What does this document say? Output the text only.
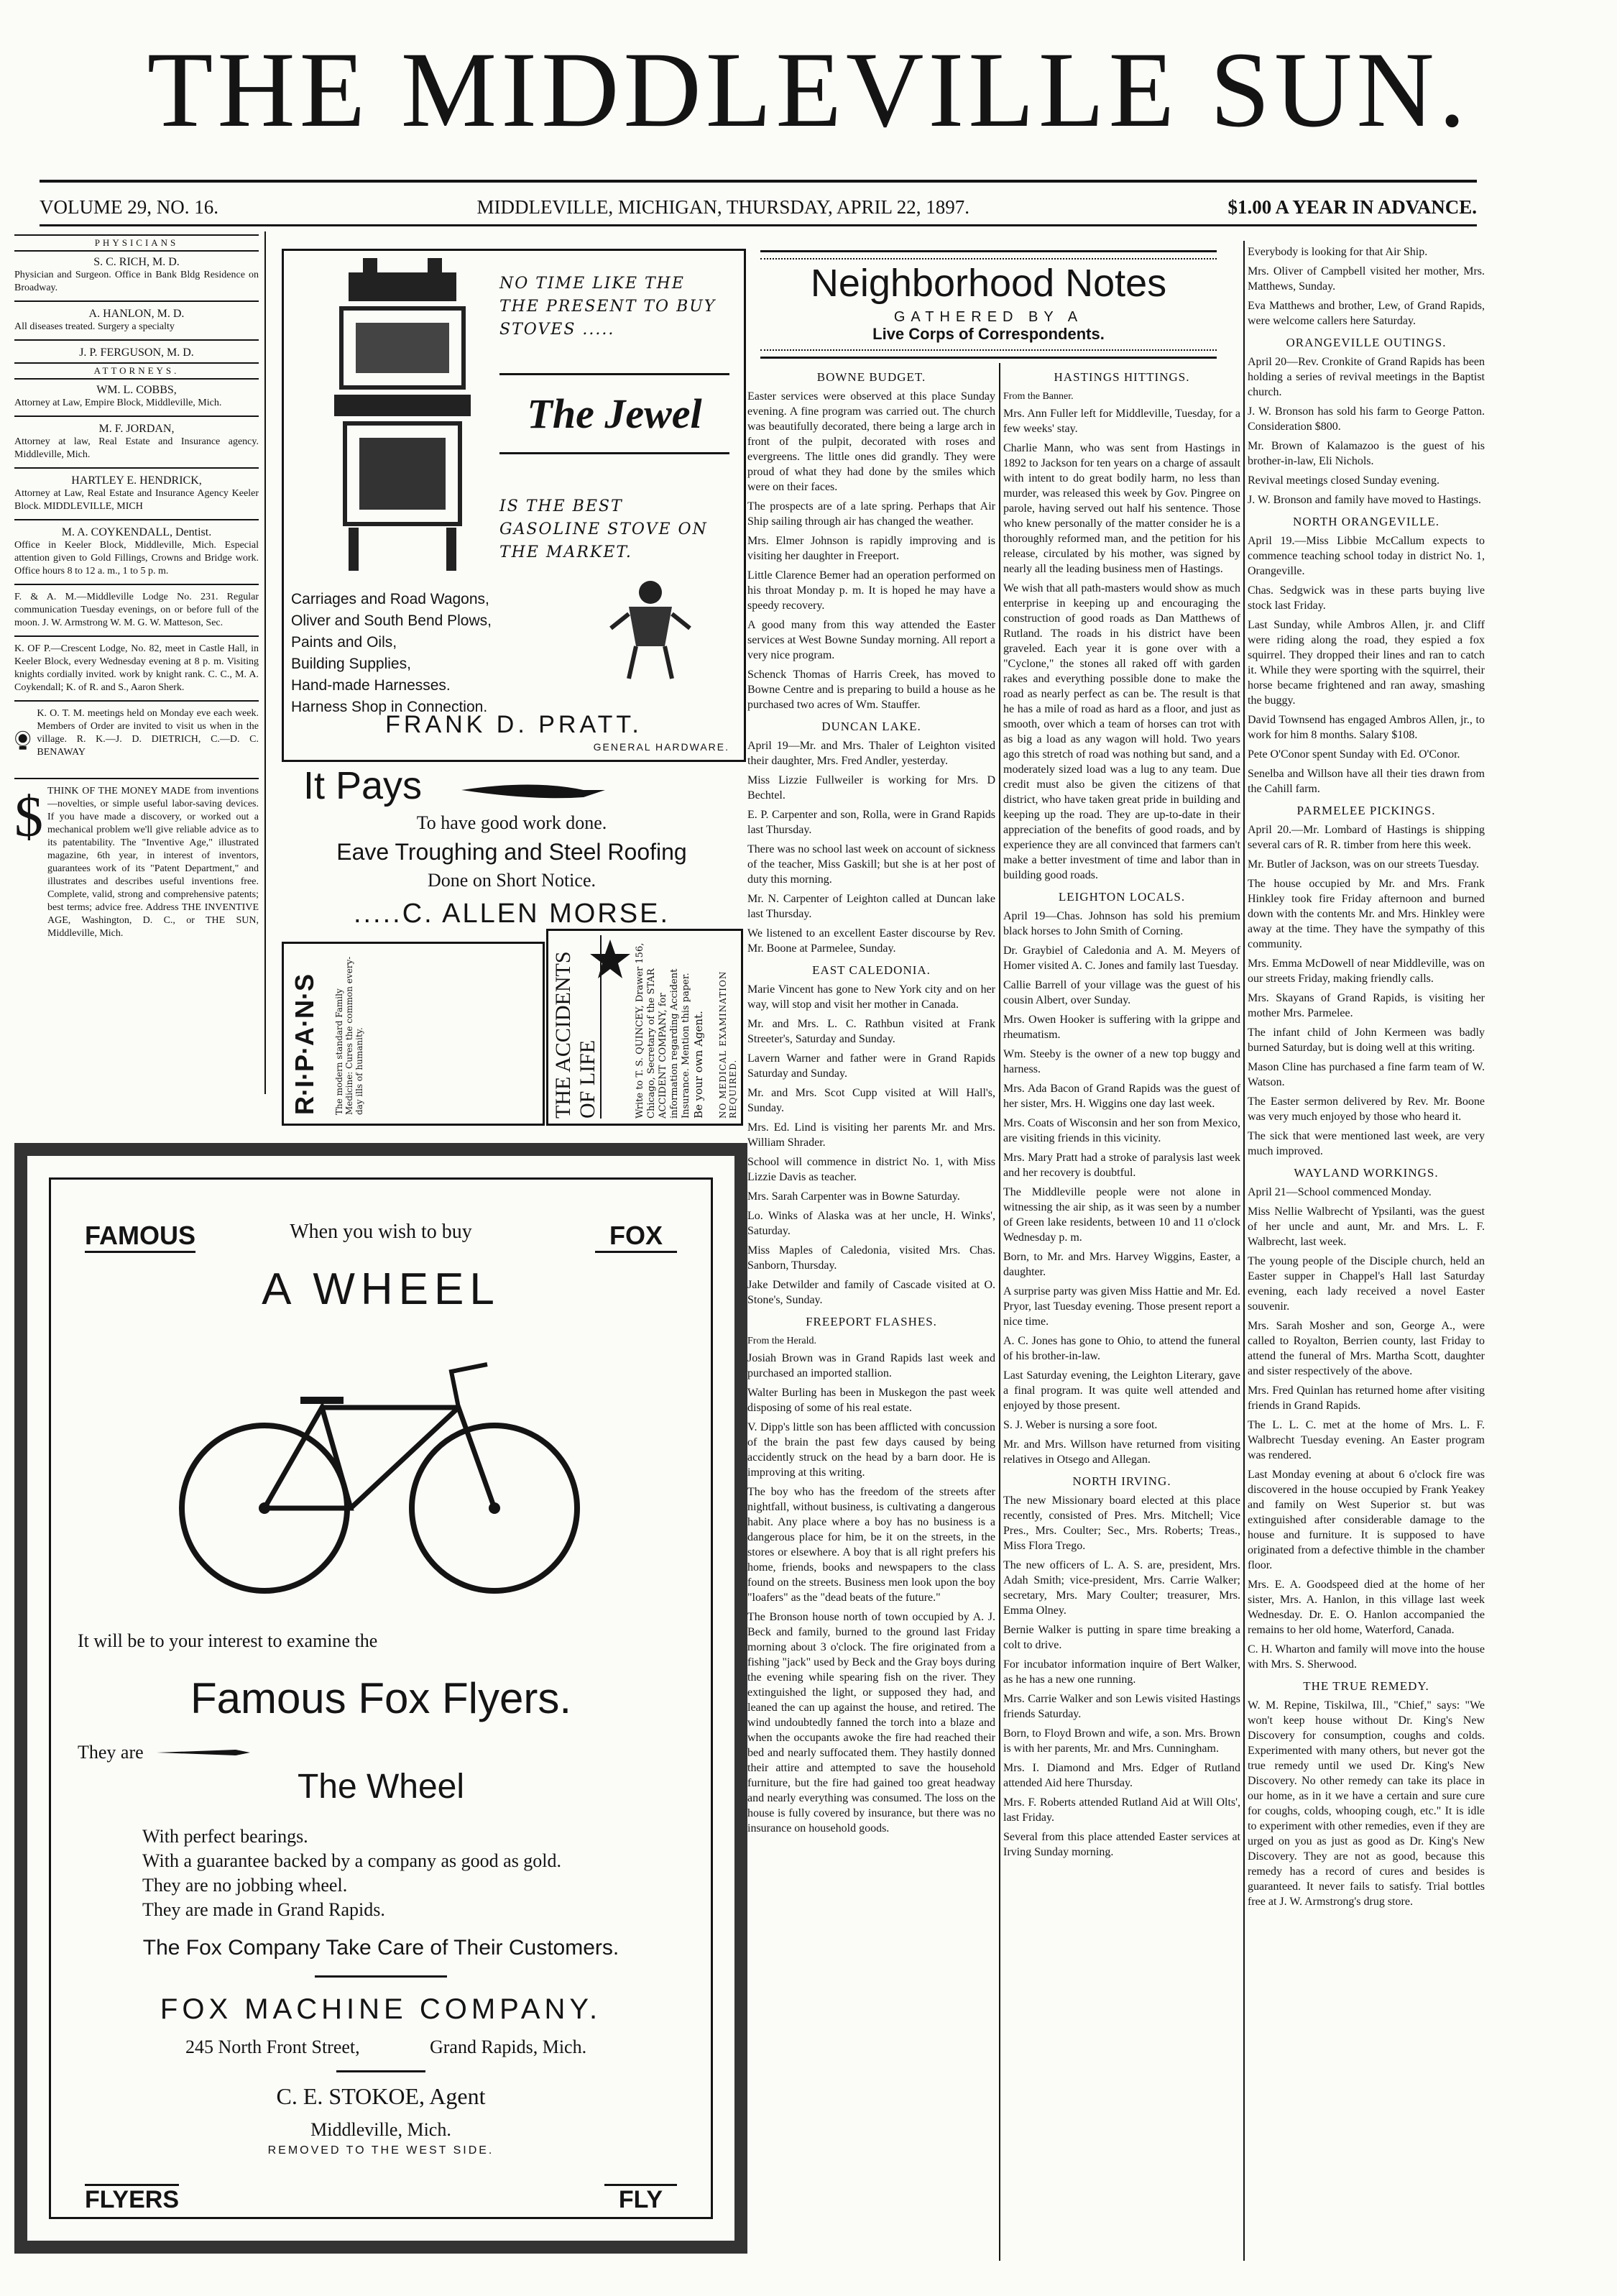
THE MIDDLEVILLE SUN.
VOLUME 29, NO. 16.	MIDDLEVILLE, MICHIGAN, THURSDAY, APRIL 22, 1897.	$1.00 A YEAR IN ADVANCE.
PHYSICIANS

S. C. RICH, M. D.

Physician and Surgeon. Office in Bank Bldg Residence on Broadway.

A. HANLON, M. D.

All diseases treated. Surgery a specialty

J. P. FERGUSON, M. D.

ATTORNEYS.

WM. L. COBBS,

Attorney at Law, Empire Block, Middleville, Mich.

M. F. JORDAN,

Attorney at law, Real Estate and Insurance agency. Middleville, Mich.

HARTLEY E. HENDRICK,

Attorney at Law, Real Estate and Insurance Agency Keeler Block. MIDDLEVILLE, MICH

M. A. COYKENDALL, Dentist.

Office in Keeler Block, Middleville, Mich. Especial attention given to Gold Fillings, Crowns and Bridge work. Office hours 8 to 12 a. m., 1 to 5 p. m.

F. & A. M.—Middleville Lodge No. 231. Regular communication Tuesday evenings, on or before full of the moon. J. W. Armstrong W. M. G. W. Matteson, Sec.

K. OF P.—Crescent Lodge, No. 82, meet in Castle Hall, in Keeler Block, every Wednesday evening at 8 p. m. Visiting knights cordially invited. work by knight rank. C. C., M. A. Coykendall; K. of R. and S., Aaron Sherk.

K. O. T. M. meetings held on Monday eve each week. Members of Order are invited to visit us when in the village. R. K.—J. D. DIETRICH, C.—D. C. BENAWAY

$ THINK OF THE MONEY MADE from inventions—novelties, or simple useful labor-saving devices. If you have made a discovery, or worked out a mechanical problem we'll give reliable advice as to its patentability. The "Inventive Age," illustrated magazine, 6th year, in interest of inventors, guarantees work of its "Patent Department," and illustrates and describes useful inventions free. Complete, valid, strong and comprehensive patents; best terms; advice free. Address THE INVENTIVE AGE, Washington, D. C., or THE SUN, Middleville, Mich.

NO TIME LIKE THE THE PRESENT TO BUY STOVES .....
The Jewel
IS THE BEST GASOLINE STOVE ON THE MARKET.
Carriages and Road Wagons,
Oliver and South Bend Plows,
Paints and Oils,
Building Supplies,
Hand-made Harnesses.
Harness Shop in Connection.
FRANK D. PRATT.
GENERAL HARDWARE.
It Pays
To have good work done.
Eave Troughing and Steel Roofing
Done on Short Notice.
.....C. ALLEN MORSE.
R·I·P·A·N·S The modern standard Family Medicine: Cures the common every-day ills of humanity.	THE ACCIDENTS OF LIFE	Write to T. S. QUINCEY, Drawer 156, Chicago, Secretary of the STAR ACCIDENT COMPANY, for information regarding Accident Insurance. Mention this paper. Be your own Agent. NO MEDICAL EXAMINATION REQUIRED.
FAMOUS	FOX
When you wish to buy
A WHEEL
It will be to your interest to examine the
Famous Fox Flyers.
They are
The Wheel
With perfect bearings.
With a guarantee backed by a company as good as gold.
They are no jobbing wheel.
They are made in Grand Rapids.
The Fox Company Take Care of Their Customers.
FOX MACHINE COMPANY.
245 North Front Street,	Grand Rapids, Mich.
C. E. STOKOE, Agent
Middleville, Mich.
REMOVED TO THE WEST SIDE.
FLYERS	FLY
Neighborhood Notes
GATHERED BY A
Live Corps of Correspondents.
BOWNE BUDGET.

Easter services were observed at this place Sunday evening. A fine program was carried out. The church was beautifully decorated, there being a large arch in front of the pulpit, decorated with roses and evergreens. The little ones did grandly. They were proud of what they had done by the smiles which were on their faces.

The prospects are of a late spring. Perhaps that Air Ship sailing through air has changed the weather.

Mrs. Elmer Johnson is rapidly improving and is visiting her daughter in Freeport.

Little Clarence Bemer had an operation performed on his throat Monday p. m. It is hoped he may have a speedy recovery.

A good many from this way attended the Easter services at West Bowne Sunday morning. All report a very nice program.

Schenck Thomas of Harris Creek, has moved to Bowne Centre and is preparing to build a house as he purchased two acres of Wm. Stauffer.

DUNCAN LAKE.

April 19—Mr. and Mrs. Thaler of Leighton visited their daughter, Mrs. Fred Andler, yesterday.

Miss Lizzie Fullweiler is working for Mrs. D Bechtel.

E. P. Carpenter and son, Rolla, were in Grand Rapids last Thursday.

There was no school last week on account of sickness of the teacher, Miss Gaskill; but she is at her post of duty this morning.

Mr. N. Carpenter of Leighton called at Duncan lake last Thursday.

We listened to an excellent Easter discourse by Rev. Mr. Boone at Parmelee, Sunday.

EAST CALEDONIA.

Marie Vincent has gone to New York city and on her way, will stop and visit her mother in Canada.

Mr. and Mrs. L. C. Rathbun visited at Frank Streeter's, Saturday and Sunday.

Lavern Warner and father were in Grand Rapids Saturday and Sunday.

Mr. and Mrs. Scot Cupp visited at Will Hall's, Sunday.

Mrs. Ed. Lind is visiting her parents Mr. and Mrs. William Shrader.

School will commence in district No. 1, with Miss Lizzie Davis as teacher.

Mrs. Sarah Carpenter was in Bowne Saturday.

Lo. Winks of Alaska was at her uncle, H. Winks', Saturday.

Miss Maples of Caledonia, visited Mrs. Chas. Sanborn, Thursday.

Jake Detwilder and family of Cascade visited at O. Stone's, Sunday.

FREEPORT FLASHES.

From the Herald.

Josiah Brown was in Grand Rapids last week and purchased an imported stallion.

Walter Burling has been in Muskegon the past week disposing of some of his real estate.

V. Dipp's little son has been afflicted with concussion of the brain the past few days caused by being accidently struck on the head by a barn door. He is improving at this writing.

The boy who has the freedom of the streets after nightfall, without business, is cultivating a dangerous habit. Any place where a boy has no business is a dangerous place for him, be it on the streets, in the stores or elsewhere. A boy that is all right prefers his home, friends, books and newspapers to the class found on the streets. Business men look upon the boy "loafers" as the "dead beats of the future."

The Bronson house north of town occupied by A. J. Beck and family, burned to the ground last Friday morning about 3 o'clock. The fire originated from a fishing "jack" used by Beck and the Gray boys during the evening while spearing fish on the river. They extinguished the light, or supposed they had, and leaned the can up against the house, and retired. The wind undoubtedly fanned the torch into a blaze and when the occupants awoke the fire had reached their bed and nearly suffocated them. They hastily donned their attire and attempted to save the household furniture, but the fire had gained too great headway and nearly everything was consumed. The loss on the house is fully covered by insurance, but there was no insurance on household goods.

HASTINGS HITTINGS.

From the Banner.

Mrs. Ann Fuller left for Middleville, Tuesday, for a few weeks' stay.

Charlie Mann, who was sent from Hastings in 1892 to Jackson for ten years on a charge of assault with intent to do great bodily harm, no less than murder, was released this week by Gov. Pingree on parole, having served out half his sentence. Those who knew personally of the matter consider he is a thoroughly reformed man, and the petition for his release, circulated by his mother, was signed by nearly all the leading business men of Hastings.

We wish that all path-masters would show as much enterprise in keeping up and encouraging the construction of good roads as Dan Matthews of Rutland. The roads in his district have been graveled. Each year it is gone over with a "Cyclone," the stones all raked off with garden rakes and everything possible done to make the road as nearly perfect as can be. The result is that he has a mile of road as hard as a floor, and just as smooth, over which a team of horses can trot with as big a load as any wagon will hold. Two years ago this stretch of road was nothing but sand, and a moderately sized load was a lug to any team. Due credit must also be given the citizens of that district, who have taken great pride in building and keeping up the road. They are up-to-date in their appreciation of the benefits of good roads, and by experience they are all convinced that farmers can't make a better investment of time and labor than in building good roads.

LEIGHTON LOCALS.

April 19—Chas. Johnson has sold his premium black horses to John Smith of Corning.

Dr. Graybiel of Caledonia and A. M. Meyers of Homer visited A. C. Jones and family last Tuesday.

Callie Barrell of your village was the guest of his cousin Albert, over Sunday.

Mrs. Owen Hooker is suffering with la grippe and rheumatism.

Wm. Steeby is the owner of a new top buggy and harness.

Mrs. Ada Bacon of Grand Rapids was the guest of her sister, Mrs. H. Wiggins one day last week.

Mrs. Coats of Wisconsin and her son from Mexico, are visiting friends in this vicinity.

Mrs. Mary Pratt had a stroke of paralysis last week and her recovery is doubtful.

The Middleville people were not alone in witnessing the air ship, as it was seen by a number of Green lake residents, between 10 and 11 o'clock Wednesday p. m.

Born, to Mr. and Mrs. Harvey Wiggins, Easter, a daughter.

A surprise party was given Miss Hattie and Mr. Ed. Pryor, last Tuesday evening. Those present report a nice time.

A. C. Jones has gone to Ohio, to attend the funeral of his brother-in-law.

Last Saturday evening, the Leighton Literary, gave a final program. It was quite well attended and enjoyed by those present.

S. J. Weber is nursing a sore foot.

Mr. and Mrs. Willson have returned from visiting relatives in Otsego and Allegan.

NORTH IRVING.

The new Missionary board elected at this place recently, consisted of Pres. Mrs. Mitchell; Vice Pres., Mrs. Coulter; Sec., Mrs. Roberts; Treas., Miss Flora Trego.

The new officers of L. A. S. are, president, Mrs. Adah Smith; vice-president, Mrs. Carrie Walker; secretary, Mrs. Mary Coulter; treasurer, Mrs. Emma Olney.

Bernie Walker is putting in spare time breaking a colt to drive.

For incubator information inquire of Bert Walker, as he has a new one running.

Mrs. Carrie Walker and son Lewis visited Hastings friends Saturday.

Born, to Floyd Brown and wife, a son. Mrs. Brown is with her parents, Mr. and Mrs. Cunningham.

Mrs. I. Diamond and Mrs. Edger of Rutland attended Aid here Thursday.

Mrs. F. Roberts attended Rutland Aid at Will Olts', last Friday.

Several from this place attended Easter services at Irving Sunday morning.

Everybody is looking for that Air Ship.

Mrs. Oliver of Campbell visited her mother, Mrs. Matthews, Sunday.

Eva Matthews and brother, Lew, of Grand Rapids, were welcome callers here Saturday.

ORANGEVILLE OUTINGS.

April 20—Rev. Cronkite of Grand Rapids has been holding a series of revival meetings in the Baptist church.

J. W. Bronson has sold his farm to George Patton. Consideration $800.

Mr. Brown of Kalamazoo is the guest of his brother-in-law, Eli Nichols.

Revival meetings closed Sunday evening.

J. W. Bronson and family have moved to Hastings.

NORTH ORANGEVILLE.

April 19.—Miss Libbie McCallum expects to commence teaching school today in district No. 1, Orangeville.

Chas. Sedgwick was in these parts buying live stock last Friday.

Last Sunday, while Ambros Allen, jr. and Cliff were riding along the road, they espied a fox squirrel. They dropped their lines and ran to catch it. While they were sporting with the squirrel, their horse became frightened and ran away, smashing the buggy.

David Townsend has engaged Ambros Allen, jr., to work for him 8 months. Salary $108.

Pete O'Conor spent Sunday with Ed. O'Conor.

Senelba and Willson have all their ties drawn from the Cahill farm.

PARMELEE PICKINGS.

April 20.—Mr. Lombard of Hastings is shipping several cars of R. R. timber from here this week.

Mr. Butler of Jackson, was on our streets Tuesday.

The house occupied by Mr. and Mrs. Frank Hinkley took fire Friday afternoon and burned down with the contents Mr. and Mrs. Hinkley were away at the time. They have the sympathy of this community.

Mrs. Emma McDowell of near Middleville, was on our streets Friday, making friendly calls.

Mrs. Skayans of Grand Rapids, is visiting her mother Mrs. Parmelee.

The infant child of John Kermeen was badly burned Saturday, but is doing well at this writing.

Mason Cline has purchased a fine farm team of W. Watson.

The Easter sermon delivered by Rev. Mr. Boone was very much enjoyed by those who heard it.

The sick that were mentioned last week, are very much improved.

WAYLAND WORKINGS.

April 21—School commenced Monday.

Miss Nellie Walbrecht of Ypsilanti, was the guest of her uncle and aunt, Mr. and Mrs. L. F. Walbrecht, last week.

The young people of the Disciple church, held an Easter supper in Chappel's Hall last Saturday evening, each lady received a novel Easter souvenir.

Mrs. Sarah Mosher and son, George A., were called to Royalton, Berrien county, last Friday to attend the funeral of Mrs. Martha Scott, daughter and sister respectively of the above.

Mrs. Fred Quinlan has returned home after visiting friends in Grand Rapids.

The L. L. C. met at the home of Mrs. L. F. Walbrecht Tuesday evening. An Easter program was rendered.

Last Monday evening at about 6 o'clock fire was discovered in the house occupied by Frank Yeakey and family on West Superior st. but was extinguished after considerable damage to the house and furniture. It is supposed to have originated from a defective thimble in the chamber floor.

Mrs. E. A. Goodspeed died at the home of her sister, Mrs. A. Hanlon, in this village last week Wednesday. Dr. E. O. Hanlon accompanied the remains to her old home, Waterford, Canada.

C. H. Wharton and family will move into the house with Mrs. S. Sherwood.

THE TRUE REMEDY.

W. M. Repine, Tiskilwa, Ill., "Chief," says: "We won't keep house without Dr. King's New Discovery for consumption, coughs and colds. Experimented with many others, but never got the true remedy until we used Dr. King's New Discovery. No other remedy can take its place in our home, as in it we have a certain and sure cure for coughs, colds, whooping cough, etc." It is idle to experiment with other remedies, even if they are urged on you as just as good as Dr. King's New Discovery. They are not as good, because this remedy has a record of cures and besides is guaranteed. It never fails to satisfy. Trial bottles free at J. W. Armstrong's drug store.
